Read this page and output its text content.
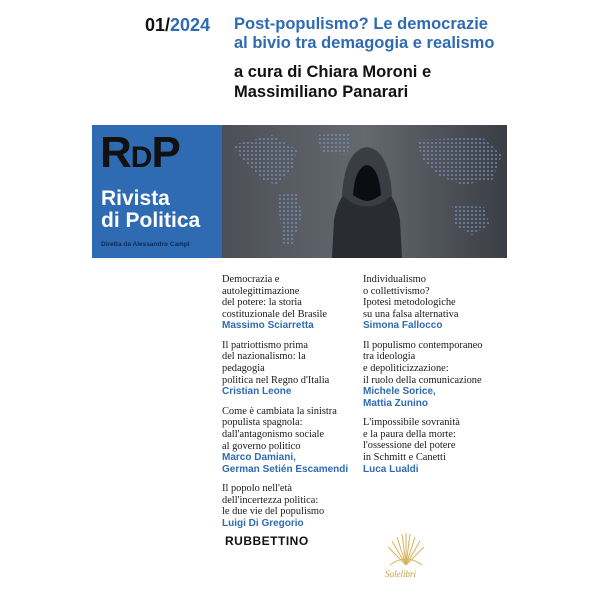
01/2024 Post-populismo? Le democrazie al bivio tra demagogia e realismo
a cura di Chiara Moroni e Massimiliano Panarari
RDP
Rivista
di Politica
Diretta da Alessandro Campi
Democrazia e
autolegittimazione
del potere: la storia
costituzionale del Brasile
Massimo Sciarretta
Il patriottismo prima
del nazionalismo: la pedagogia
politica nel Regno d'Italia
Cristian Leone
Come è cambiata la sinistra
populista spagnola:
dall'antagonismo sociale
al governo politico
Marco Damiani,
German Setién Escamendi
Il popolo nell'età
dell'incertezza politica:
le due vie del populismo
Luigi Di Gregorio
Individualismo
o collettivismo?
Ipotesi metodologiche
su una falsa alternativa
Simona Fallocco
Il populismo contemporaneo
tra ideologia
e depoliticizzazione:
il ruolo della comunicazione
Michele Sorice,
Mattia Zunino
L'impossibile sovranità
e la paura della morte:
l'ossessione del potere
in Schmitt e Canetti
Luca Lualdi
RUBBETTINO
Solelibri
